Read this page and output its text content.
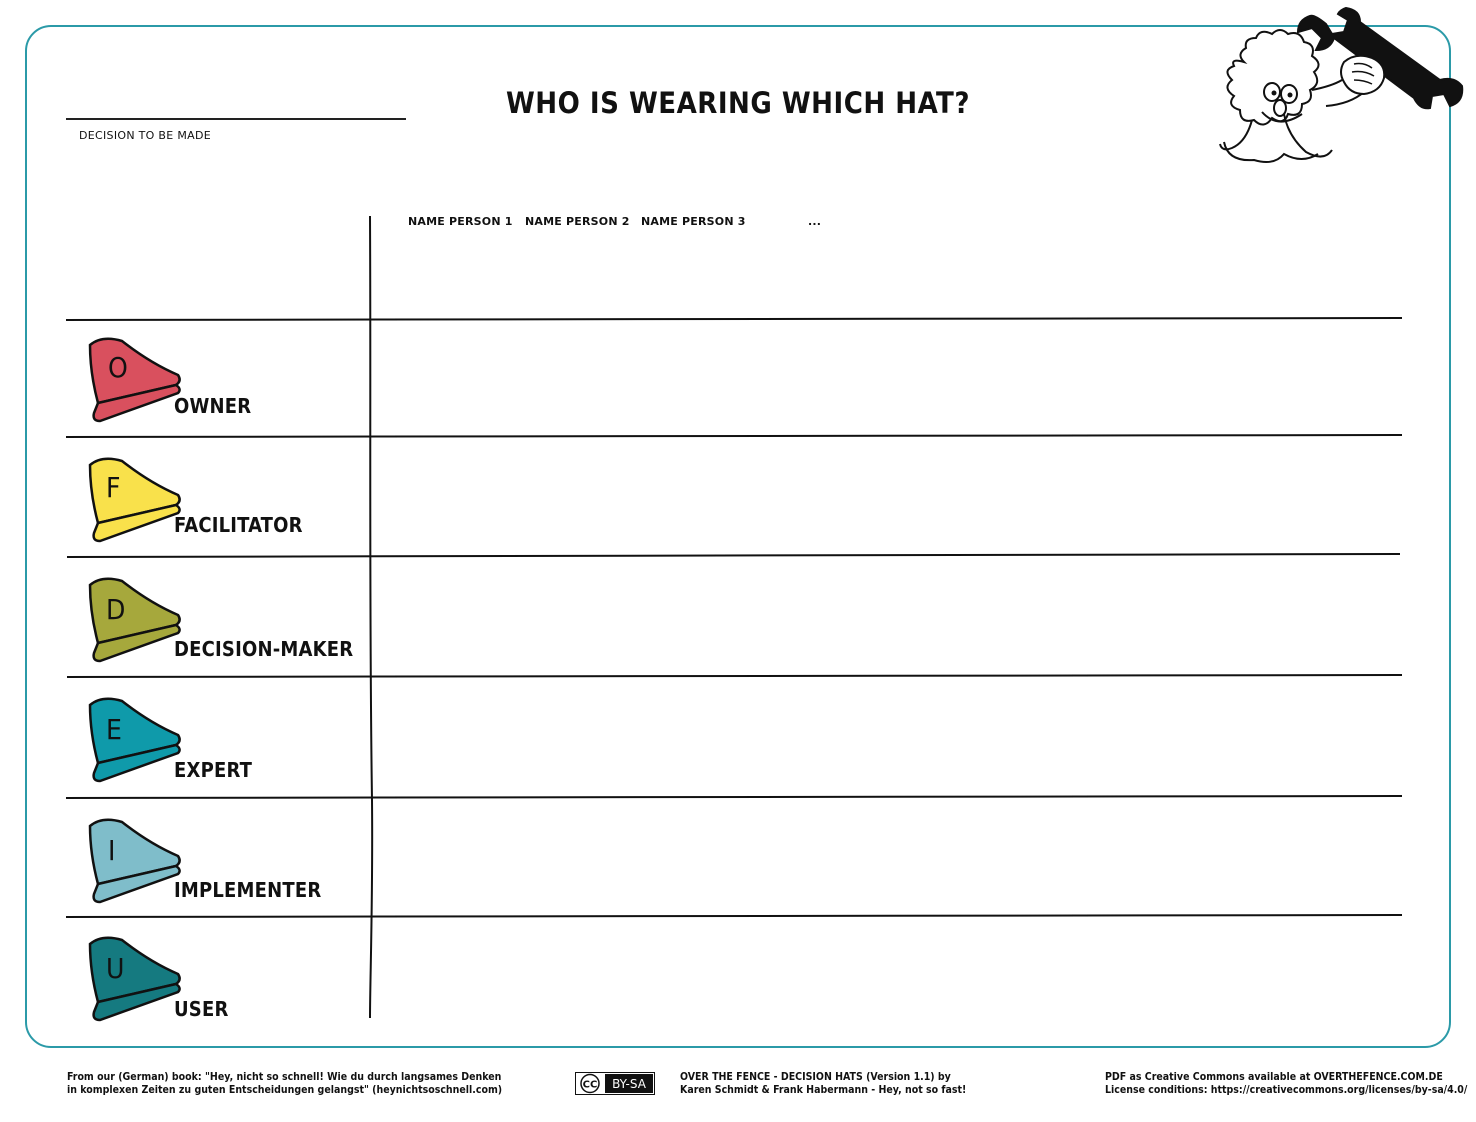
WHO IS WEARING WHICH HAT?
DECISION TO BE MADE
NAME PERSON 1 NAME PERSON 2 NAME PERSON 3	...
O
OWNER
F
FACILITATOR
D
DECISION-MAKER
E
EXPERT
I
IMPLEMENTER
U
USER
From our (German) book: "Hey, nicht so schnell! Wie du durch langsames Denken
in komplexen Zeiten zu guten Entscheidungen gelangst" (heynichtsoschnell.com)	CC BY-SA	OVER THE FENCE - DECISION HATS (Version 1.1) by
Karen Schmidt & Frank Habermann - Hey, not so fast!
PDF as Creative Commons available at OVERTHEFENCE.COM.DE
License conditions: https://creativecommons.org/licenses/by-sa/4.0/
